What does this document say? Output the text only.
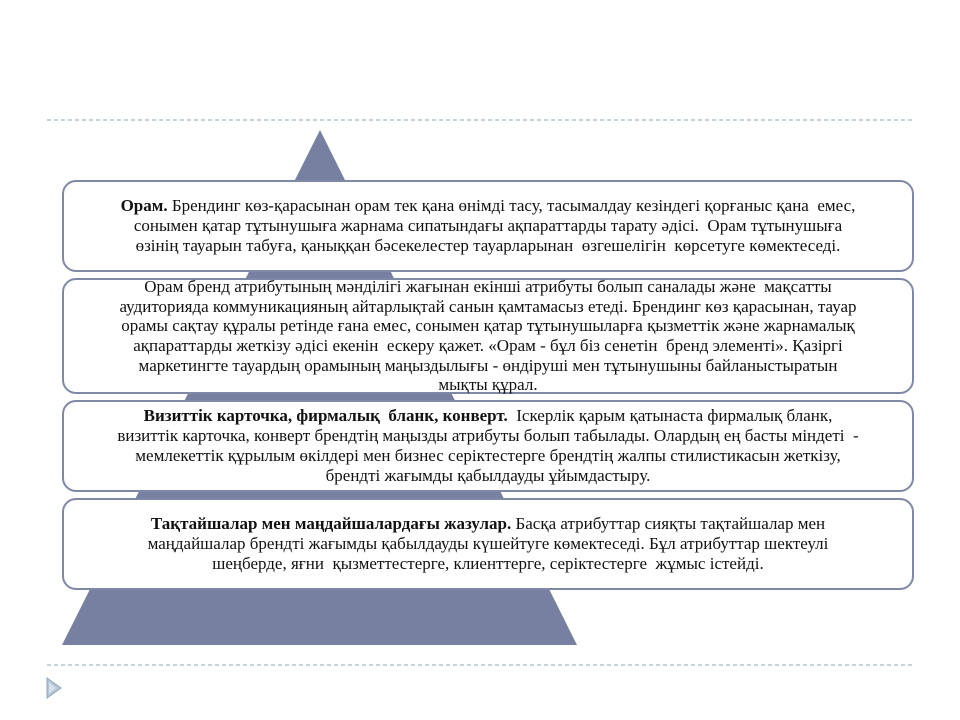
Орам. Брендинг көз-қарасынан орам тек қана өнімді тасу, тасымалдау кезіндегі қорғаныс қана  емес,
сонымен қатар тұтынушыға жарнама сипатындағы ақпараттарды тарату әдісі.  Орам тұтынушыға
өзінің тауарын табуға, қаныққан бәсекелестер тауарларынан  өзгешелігін  көрсетуге көмектеседі.
Орам бренд атрибутының мәнділігі жағынан екінші атрибуты болып саналады және  мақсатты
аудиторияда коммуникацияның айтарлықтай санын қамтамасыз етеді. Брендинг көз қарасынан, тауар
орамы сақтау құралы ретінде ғана емес, сонымен қатар тұтынушыларға қызметтік және жарнамалық
ақпараттарды жеткізу әдісі екенін  ескеру қажет. «Орам - бұл біз сенетін  бренд элементі». Қазіргі
маркетингте тауардың орамының маңыздылығы - өндіруші мен тұтынушыны байланыстыратын
мықты құрал.
Визиттік карточка, фирмалық  бланк, конверт.  Іскерлік қарым қатынаста фирмалық бланк,
визиттік карточка, конверт брендтің маңызды атрибуты болып табылады. Олардың ең басты міндеті  -
мемлекеттік құрылым өкілдері мен бизнес серіктестерге брендтің жалпы стилистикасын жеткізу,
брендті жағымды қабылдауды ұйымдастыру.
Тақтайшалар мен маңдайшалардағы жазулар. Басқа атрибуттар сияқты тақтайшалар мен
маңдайшалар брендті жағымды қабылдауды күшейтуге көмектеседі. Бұл атрибуттар шектеулі
шеңберде, яғни  қызметтестерге, клиенттерге, серіктестерге  жұмыс істейді.
